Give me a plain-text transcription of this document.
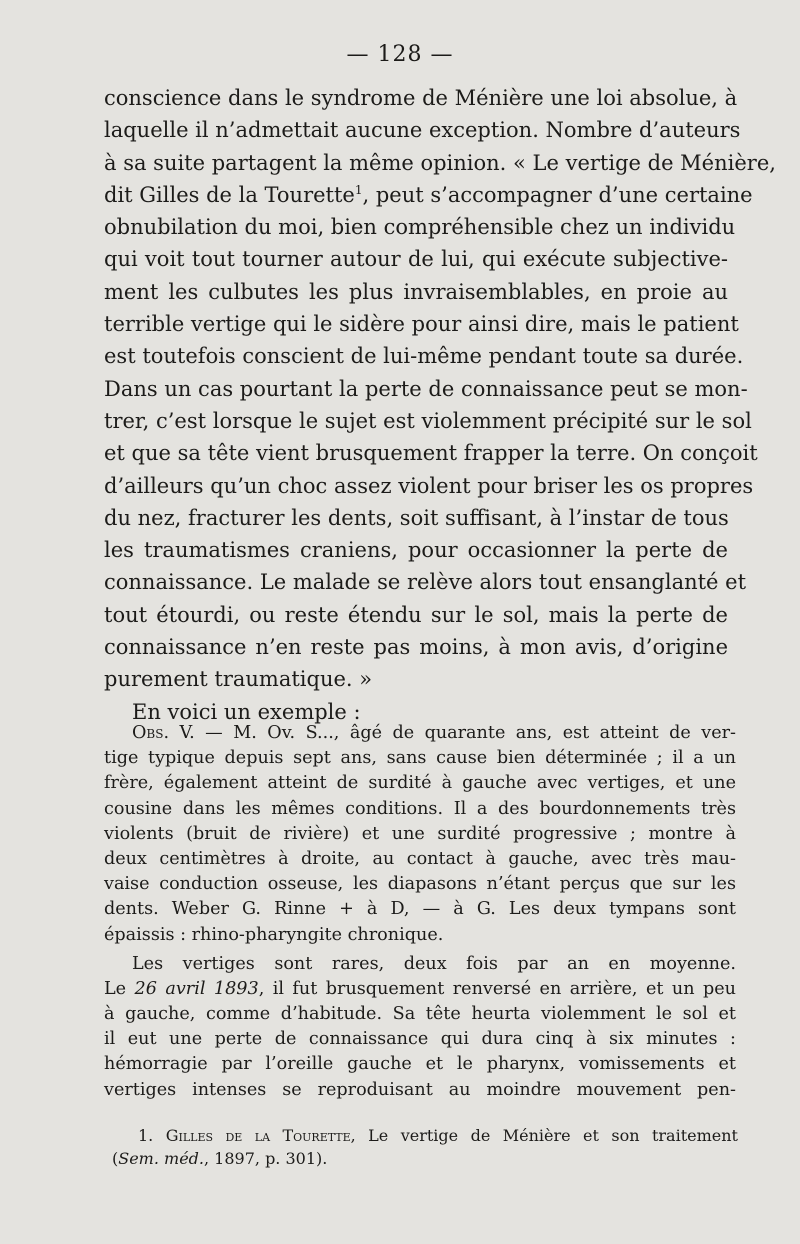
— 128 —
conscience dans le syndrome de Ménière une loi absolue, à
laquelle il n’admettait aucune exception. Nombre d’auteurs
à sa suite partagent la même opinion. « Le vertige de Ménière,
dit Gilles de la Tourette$^1$, peut s’accompagner d’une certaine
obnubilation du moi, bien compréhensible chez un individu
qui voit tout tourner autour de lui, qui exécute subjective-
ment les culbutes les plus invraisemblables, en proie au
terrible vertige qui le sidère pour ainsi dire, mais le patient
est toutefois conscient de lui-même pendant toute sa durée.
Dans un cas pourtant la perte de connaissance peut se mon-
trer, c’est lorsque le sujet est violemment précipité sur le sol
et que sa tête vient brusquement frapper la terre. On conçoit
d’ailleurs qu’un choc assez violent pour briser les os propres
du nez, fracturer les dents, soit suffisant, à l’instar de tous
les traumatismes craniens, pour occasionner la perte de
connaissance. Le malade se relève alors tout ensanglanté et
tout étourdi, ou reste étendu sur le sol, mais la perte de
connaissance n’en reste pas moins, à mon avis, d’origine
purement traumatique. »
En voici un exemple :
Obs. V. — M. Ov. S..., âgé de quarante ans, est atteint de ver-
tige typique depuis sept ans, sans cause bien déterminée ; il a un
frère, également atteint de surdité à gauche avec vertiges, et une
cousine dans les mêmes conditions. Il a des bourdonnements très
violents (bruit de rivière) et une surdité progressive ; montre à
deux centimètres à droite, au contact à gauche, avec très mau-
vaise conduction osseuse, les diapasons n’étant perçus que sur les
dents. Weber G. Rinne + à D, — à G. Les deux tympans sont
épaissis : rhino-pharyngite chronique.
Les vertiges sont rares, deux fois par an en moyenne.
Le 26 avril 1893, il fut brusquement renversé en arrière, et un peu
à gauche, comme d’habitude. Sa tête heurta violemment le sol et
il eut une perte de connaissance qui dura cinq à six minutes :
hémorragie par l’oreille gauche et le pharynx, vomissements et
vertiges intenses se reproduisant au moindre mouvement pen-
1. Gilles de la Tourette, Le vertige de Ménière et son traitement
(Sem. méd., 1897, p. 301).
